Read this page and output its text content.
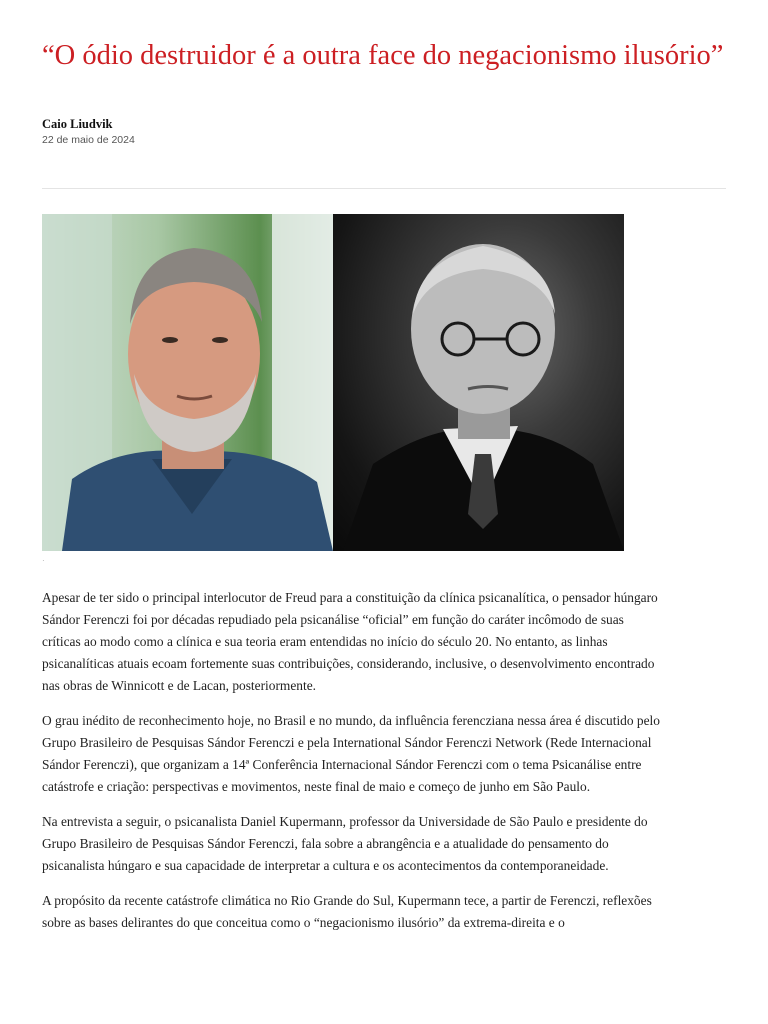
“O ódio destruidor é a outra face do negacionismo ilusório”
Caio Liudvik
22 de maio de 2024
·

Apesar de ter sido o principal interlocutor de Freud para a constituição da clínica psicanalítica, o pensador húngaro Sándor Ferenczi foi por décadas repudiado pela psicanálise “oficial” em função do caráter incômodo de suas críticas ao modo como a clínica e sua teoria eram entendidas no início do século 20. No entanto, as linhas psicanalíticas atuais ecoam fortemente suas contribuições, considerando, inclusive, o desenvolvimento encontrado nas obras de Winnicott e de Lacan, posteriormente.

O grau inédito de reconhecimento hoje, no Brasil e no mundo, da influência ferencziana nessa área é discutido pelo Grupo Brasileiro de Pesquisas Sándor Ferenczi e pela International Sándor Ferenczi Network (Rede Internacional Sándor Ferenczi), que organizam a 14ª Conferência Internacional Sándor Ferenczi com o tema Psicanálise entre catástrofe e criação: perspectivas e movimentos, neste final de maio e começo de junho em São Paulo.

Na entrevista a seguir, o psicanalista Daniel Kupermann, professor da Universidade de São Paulo e presidente do Grupo Brasileiro de Pesquisas Sándor Ferenczi, fala sobre a abrangência e a atualidade do pensamento do psicanalista húngaro e sua capacidade de interpretar a cultura e os acontecimentos da contemporaneidade.

A propósito da recente catástrofe climática no Rio Grande do Sul, Kupermann tece, a partir de Ferenczi, reflexões sobre as bases delirantes do que conceitua como o “negacionismo ilusório” da extrema-direita e o
